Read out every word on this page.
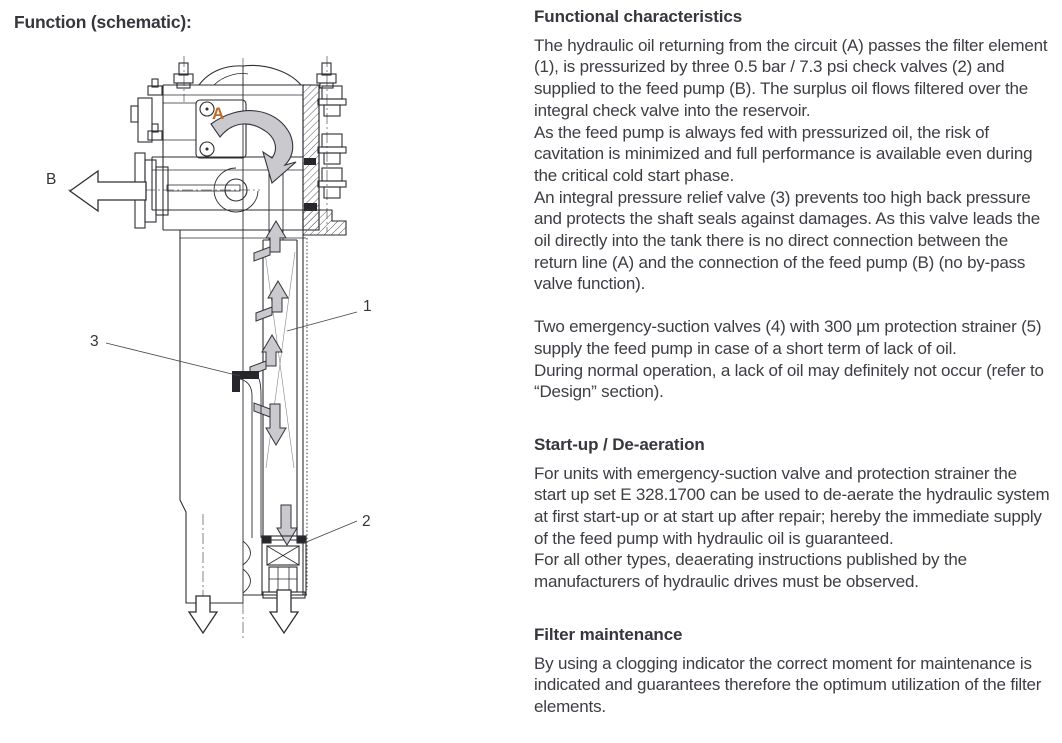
Function (schematic):
A
B
1
2
3
Functional characteristics

The hydraulic oil returning from the circuit (A) passes the filter element (1), is pressurized by three 0.5 bar / 7.3 psi check valves (2) and supplied to the feed pump (B). The surplus oil flows filtered over the integral check valve into the reservoir.

As the feed pump is always fed with pressurized oil, the risk of cavitation is minimized and full performance is available even during the critical cold start phase.

An integral pressure relief valve (3) prevents too high back pressure and protects the shaft seals against damages. As this valve leads the oil directly into the tank there is no direct connection between the return line (A) and the connection of the feed pump (B) (no by-pass valve function).

Two emergency-suction valves (4) with 300 µm protection strainer (5) supply the feed pump in case of a short term of lack of oil.

During normal operation, a lack of oil may definitely not occur (refer to “Design” section).

Start-up / De-aeration

For units with emergency-suction valve and protection strainer the start up set E 328.1700 can be used to de-aerate the hydraulic system at first start-up or at start up after repair; hereby the immediate supply of the feed pump with hydraulic oil is guaranteed.

For all other types, deaerating instructions published by the manufacturers of hydraulic drives must be observed.

Filter maintenance

By using a clogging indicator the correct moment for maintenance is indicated and guarantees therefore the optimum utilization of the filter elements.
